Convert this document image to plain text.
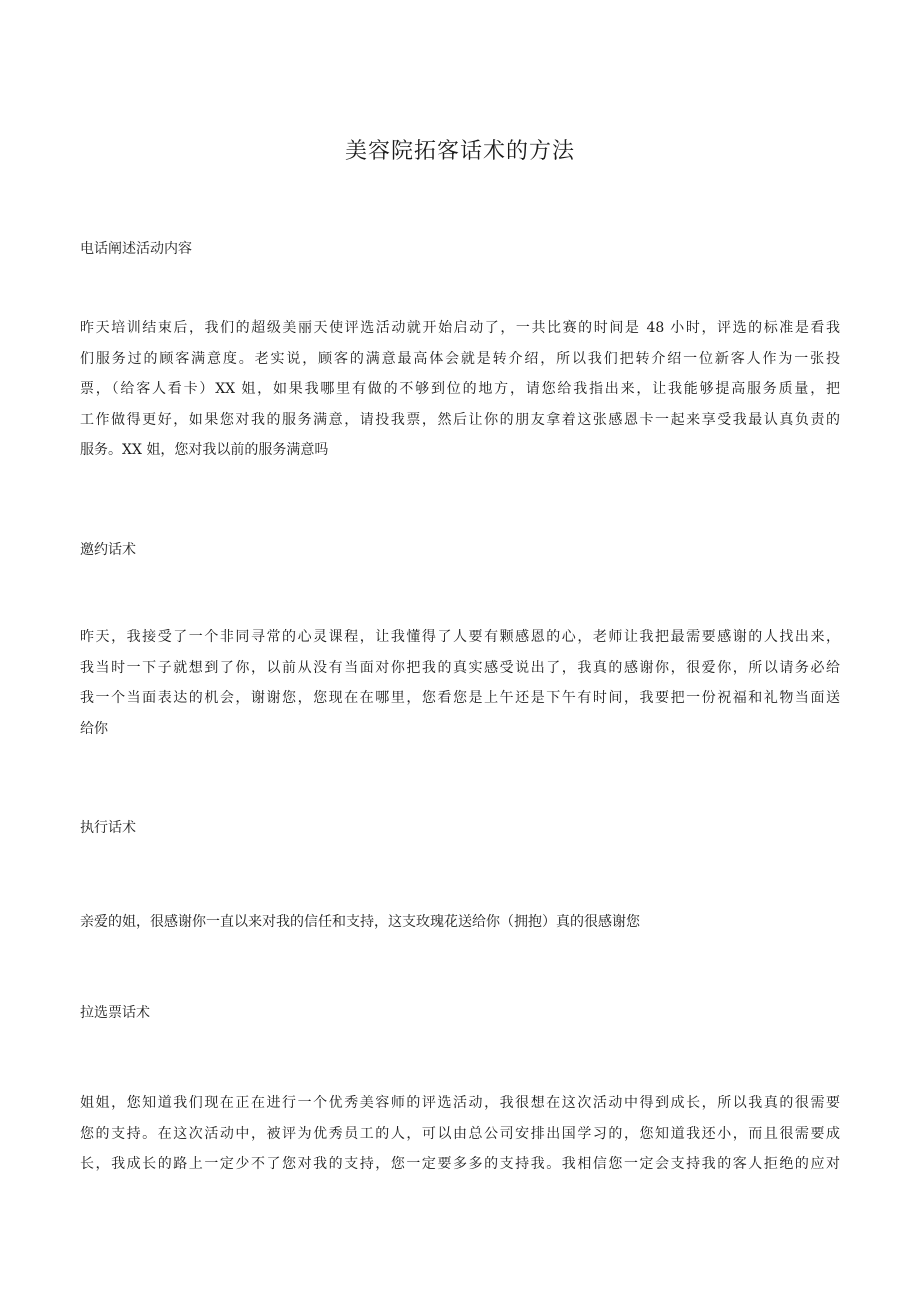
美容院拓客话术的方法
电话阐述活动内容
昨天培训结束后，我们的超级美丽天使评选活动就开始启动了，一共比赛的时间是 48 小时，评选的标准是看我
们服务过的顾客满意度。老实说，顾客的满意最高体会就是转介绍，所以我们把转介绍一位新客人作为一张投
票，（给客人看卡）XX 姐，如果我哪里有做的不够到位的地方，请您给我指出来，让我能够提高服务质量，把
工作做得更好，如果您对我的服务满意，请投我票，然后让你的朋友拿着这张感恩卡一起来享受我最认真负责的
服务。XX 姐，您对我以前的服务满意吗
邀约话术
昨天，我接受了一个非同寻常的心灵课程，让我懂得了人要有颗感恩的心，老师让我把最需要感谢的人找出来，
我当时一下子就想到了你，以前从没有当面对你把我的真实感受说出了，我真的感谢你，很爱你，所以请务必给
我一个当面表达的机会，谢谢您，您现在在哪里，您看您是上午还是下午有时间，我要把一份祝福和礼物当面送
给你
执行话术
亲爱的姐，很感谢你一直以来对我的信任和支持，这支玫瑰花送给你（拥抱）真的很感谢您
拉选票话术
姐姐，您知道我们现在正在进行一个优秀美容师的评选活动，我很想在这次活动中得到成长，所以我真的很需要
您的支持。在这次活动中，被评为优秀员工的人，可以由总公司安排出国学习的，您知道我还小，而且很需要成
长，我成长的路上一定少不了您对我的支持，您一定要多多的支持我。我相信您一定会支持我的客人拒绝的应对
